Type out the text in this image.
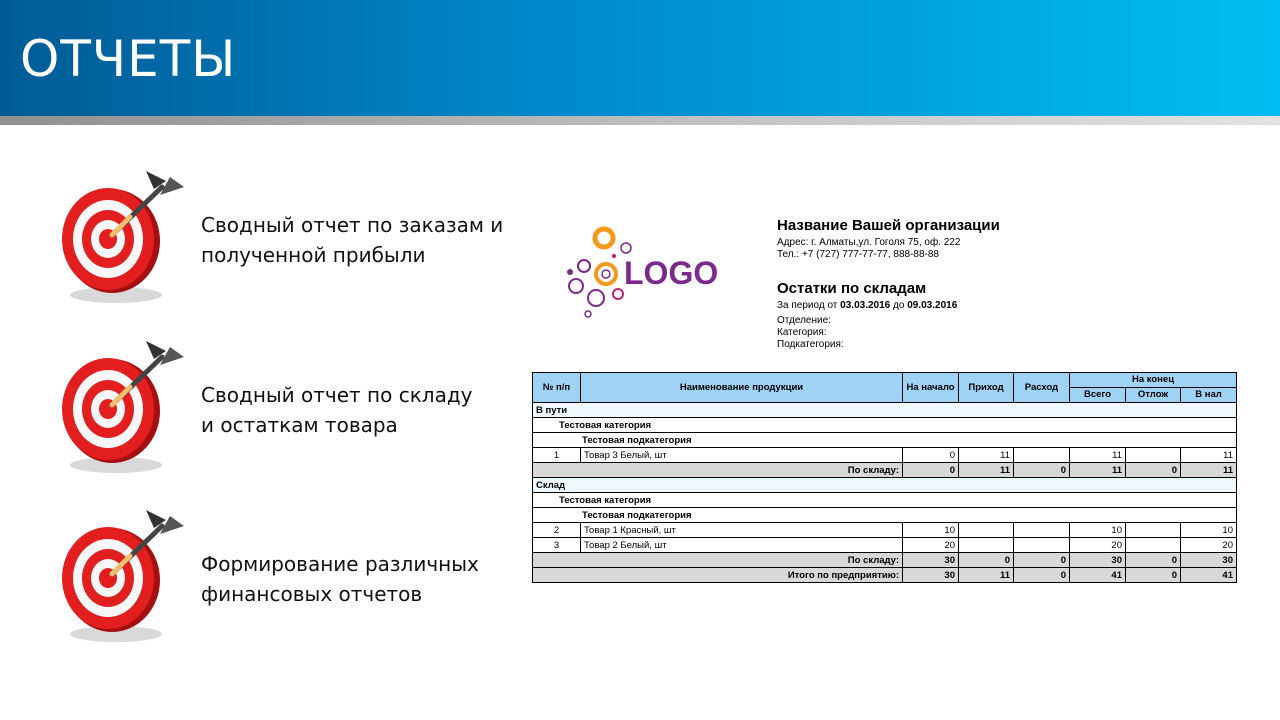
ОТЧЕТЫ
Сводный отчет по заказам и
полученной прибыли
Сводный отчет по складу
и остаткам товара
Формирование различных
финансовых отчетов
LOGO
Название Вашей организации
Адрес: г. Алматы,ул. Гоголя 75, оф. 222
Тел.: +7 (727) 777-77-77, 888-88-88
Остатки по складам
За период от 03.03.2016 до 09.03.2016
Отделение:
Категория:
Подкатегория:
№ п/п	Наименование продукции	На начало	Приход	Расход	На конец		
					Всего	Отлож	В нал
В пути							
Тестовая категория							
Тестовая подкатегория							
1	Товар 3 Белый, шт	0	11		11		11
По складу:		0	11	0	11	0	11
Склад							
Тестовая категория							
Тестовая подкатегория							
2	Товар 1 Красный, шт	10			10		10
3	Товар 2 Белый, шт	20			20		20
По складу:		30	0	0	30	0	30
Итого по предприятию:		30	11	0	41	0	41
